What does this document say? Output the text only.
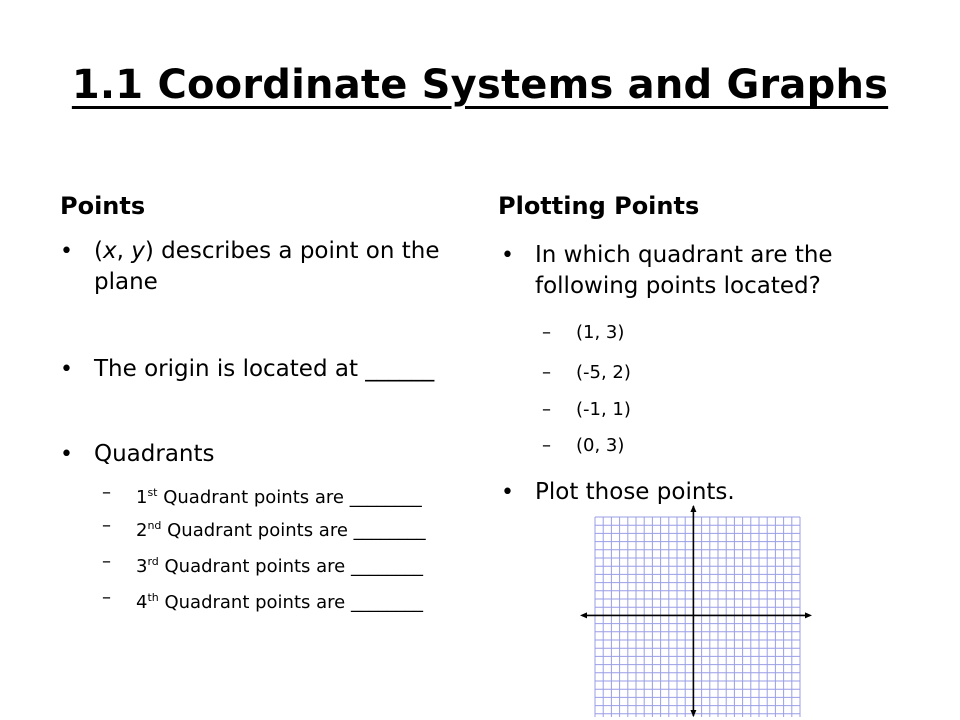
1.1 Coordinate Systems and Graphs
Points
• (x, y) describes a point on the
plane
• The origin is located at ______
• Quadrants
– 1st Quadrant points are ________
– 2nd Quadrant points are ________
– 3rd Quadrant points are ________
– 4th Quadrant points are ________
Plotting Points
• In which quadrant are the
following points located?
– (1, 3)
– (-5, 2)
– (-1, 1)
– (0, 3)
• Plot those points.
